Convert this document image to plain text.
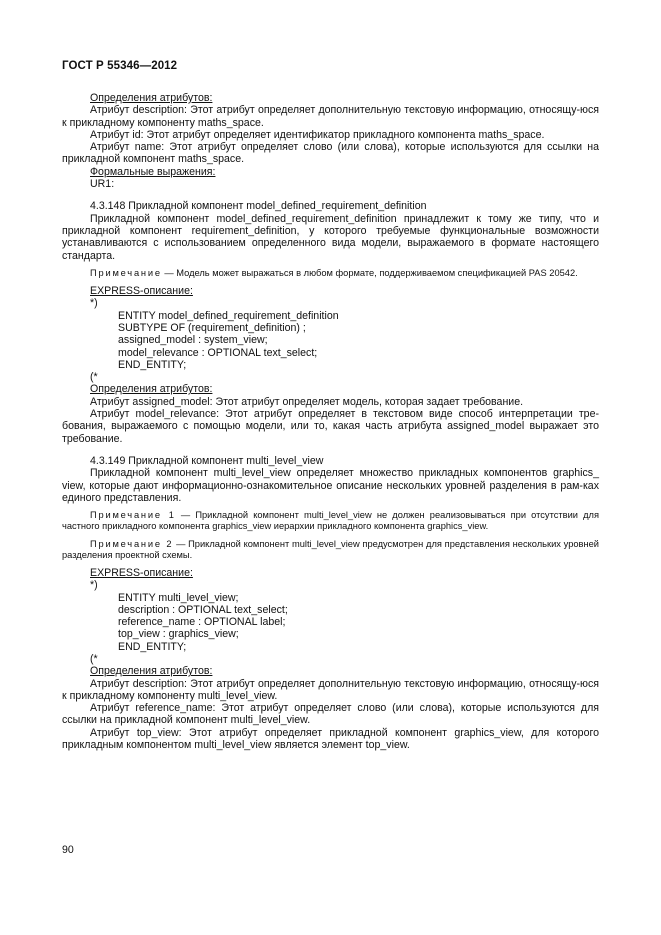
ГОСТ Р 55346—2012

Определения атрибутов:

Атрибут description: Этот атрибут определяет дополнительную текстовую информацию, относящу-юся к прикладному компоненту maths_space.

Атрибут id: Этот атрибут определяет идентификатор прикладного компонента maths_space.

Атрибут name: Этот атрибут определяет слово (или слова), которые используются для ссылки на прикладной компонент maths_space.

Формальные выражения:

UR1:

4.3.148 Прикладной компонент model_defined_requirement_definition

Прикладной компонент model_defined_requirement_definition принадлежит к тому же типу, что и прикладной компонент requirement_definition, у которого требуемые функциональные возможности устанавливаются с использованием определенного вида модели, выражаемого в формате настоящего стандарта.

Примечание — Модель может выражаться в любом формате, поддерживаемом спецификацией PAS 20542.

EXPRESS-описание:

*)

ENTITY model_defined_requirement_definition

SUBTYPE OF (requirement_definition) ;

assigned_model : system_view;

model_relevance : OPTIONAL text_select;

END_ENTITY;

(*

Определения атрибутов:

Атрибут assigned_model: Этот атрибут определяет модель, которая задает требование.

Атрибут model_relevance: Этот атрибут определяет в текстовом виде способ интерпретации тре-бования, выражаемого с помощью модели, или то, какая часть атрибута assigned_model выражает это требование.

4.3.149 Прикладной компонент multi_level_view

Прикладной компонент multi_level_view определяет множество прикладных компонентов graphics_ view, которые дают информационно-ознакомительное описание нескольких уровней разделения в рам-ках единого представления.

Примечание 1 — Прикладной компонент multi_level_view не должен реализовываться при отсутствии для частного прикладного компонента graphics_view иерархии прикладного компонента graphics_view.

Примечание 2 — Прикладной компонент multi_level_view предусмотрен для представления нескольких уровней разделения проектной схемы.

EXPRESS-описание:

*)

ENTITY multi_level_view;

description : OPTIONAL text_select;

reference_name : OPTIONAL label;

top_view : graphics_view;

END_ENTITY;

(*

Определения атрибутов:

Атрибут description: Этот атрибут определяет дополнительную текстовую информацию, относящу-юся к прикладному компоненту multi_level_view.

Атрибут reference_name: Этот атрибут определяет слово (или слова), которые используются для ссылки на прикладной компонент multi_level_view.

Атрибут top_view: Этот атрибут определяет прикладной компонент graphics_view, для которого прикладным компонентом multi_level_view является элемент top_view.

90
